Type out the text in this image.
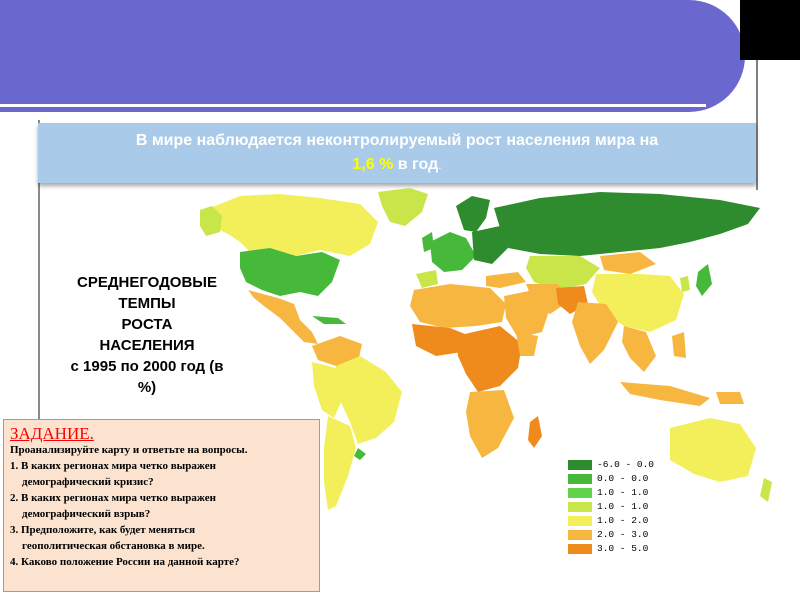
В мире наблюдается неконтролируемый рост населения мира на
1,6 % в год.
СРЕДНЕГОДОВЫЕ
ТЕМПЫ
РОСТА
НАСЕЛЕНИЯ
с 1995 по 2000 год (в
%)
ЗАДАНИЕ.
Проанализируйте карту и ответьте на вопросы.
1. В каких регионах мира четко выражен
демографический кризис?
2. В каких регионах мира четко выражен
демографический взрыв?
3. Предположите, как будет меняться
геополитическая обстановка в мире.
4. Каково положение России на данной карте?
-6.0 - 0.0
0.0 - 0.0
1.0 - 1.0
1.0 - 1.0
1.0 - 2.0
2.0 - 3.0
3.0 - 5.0
